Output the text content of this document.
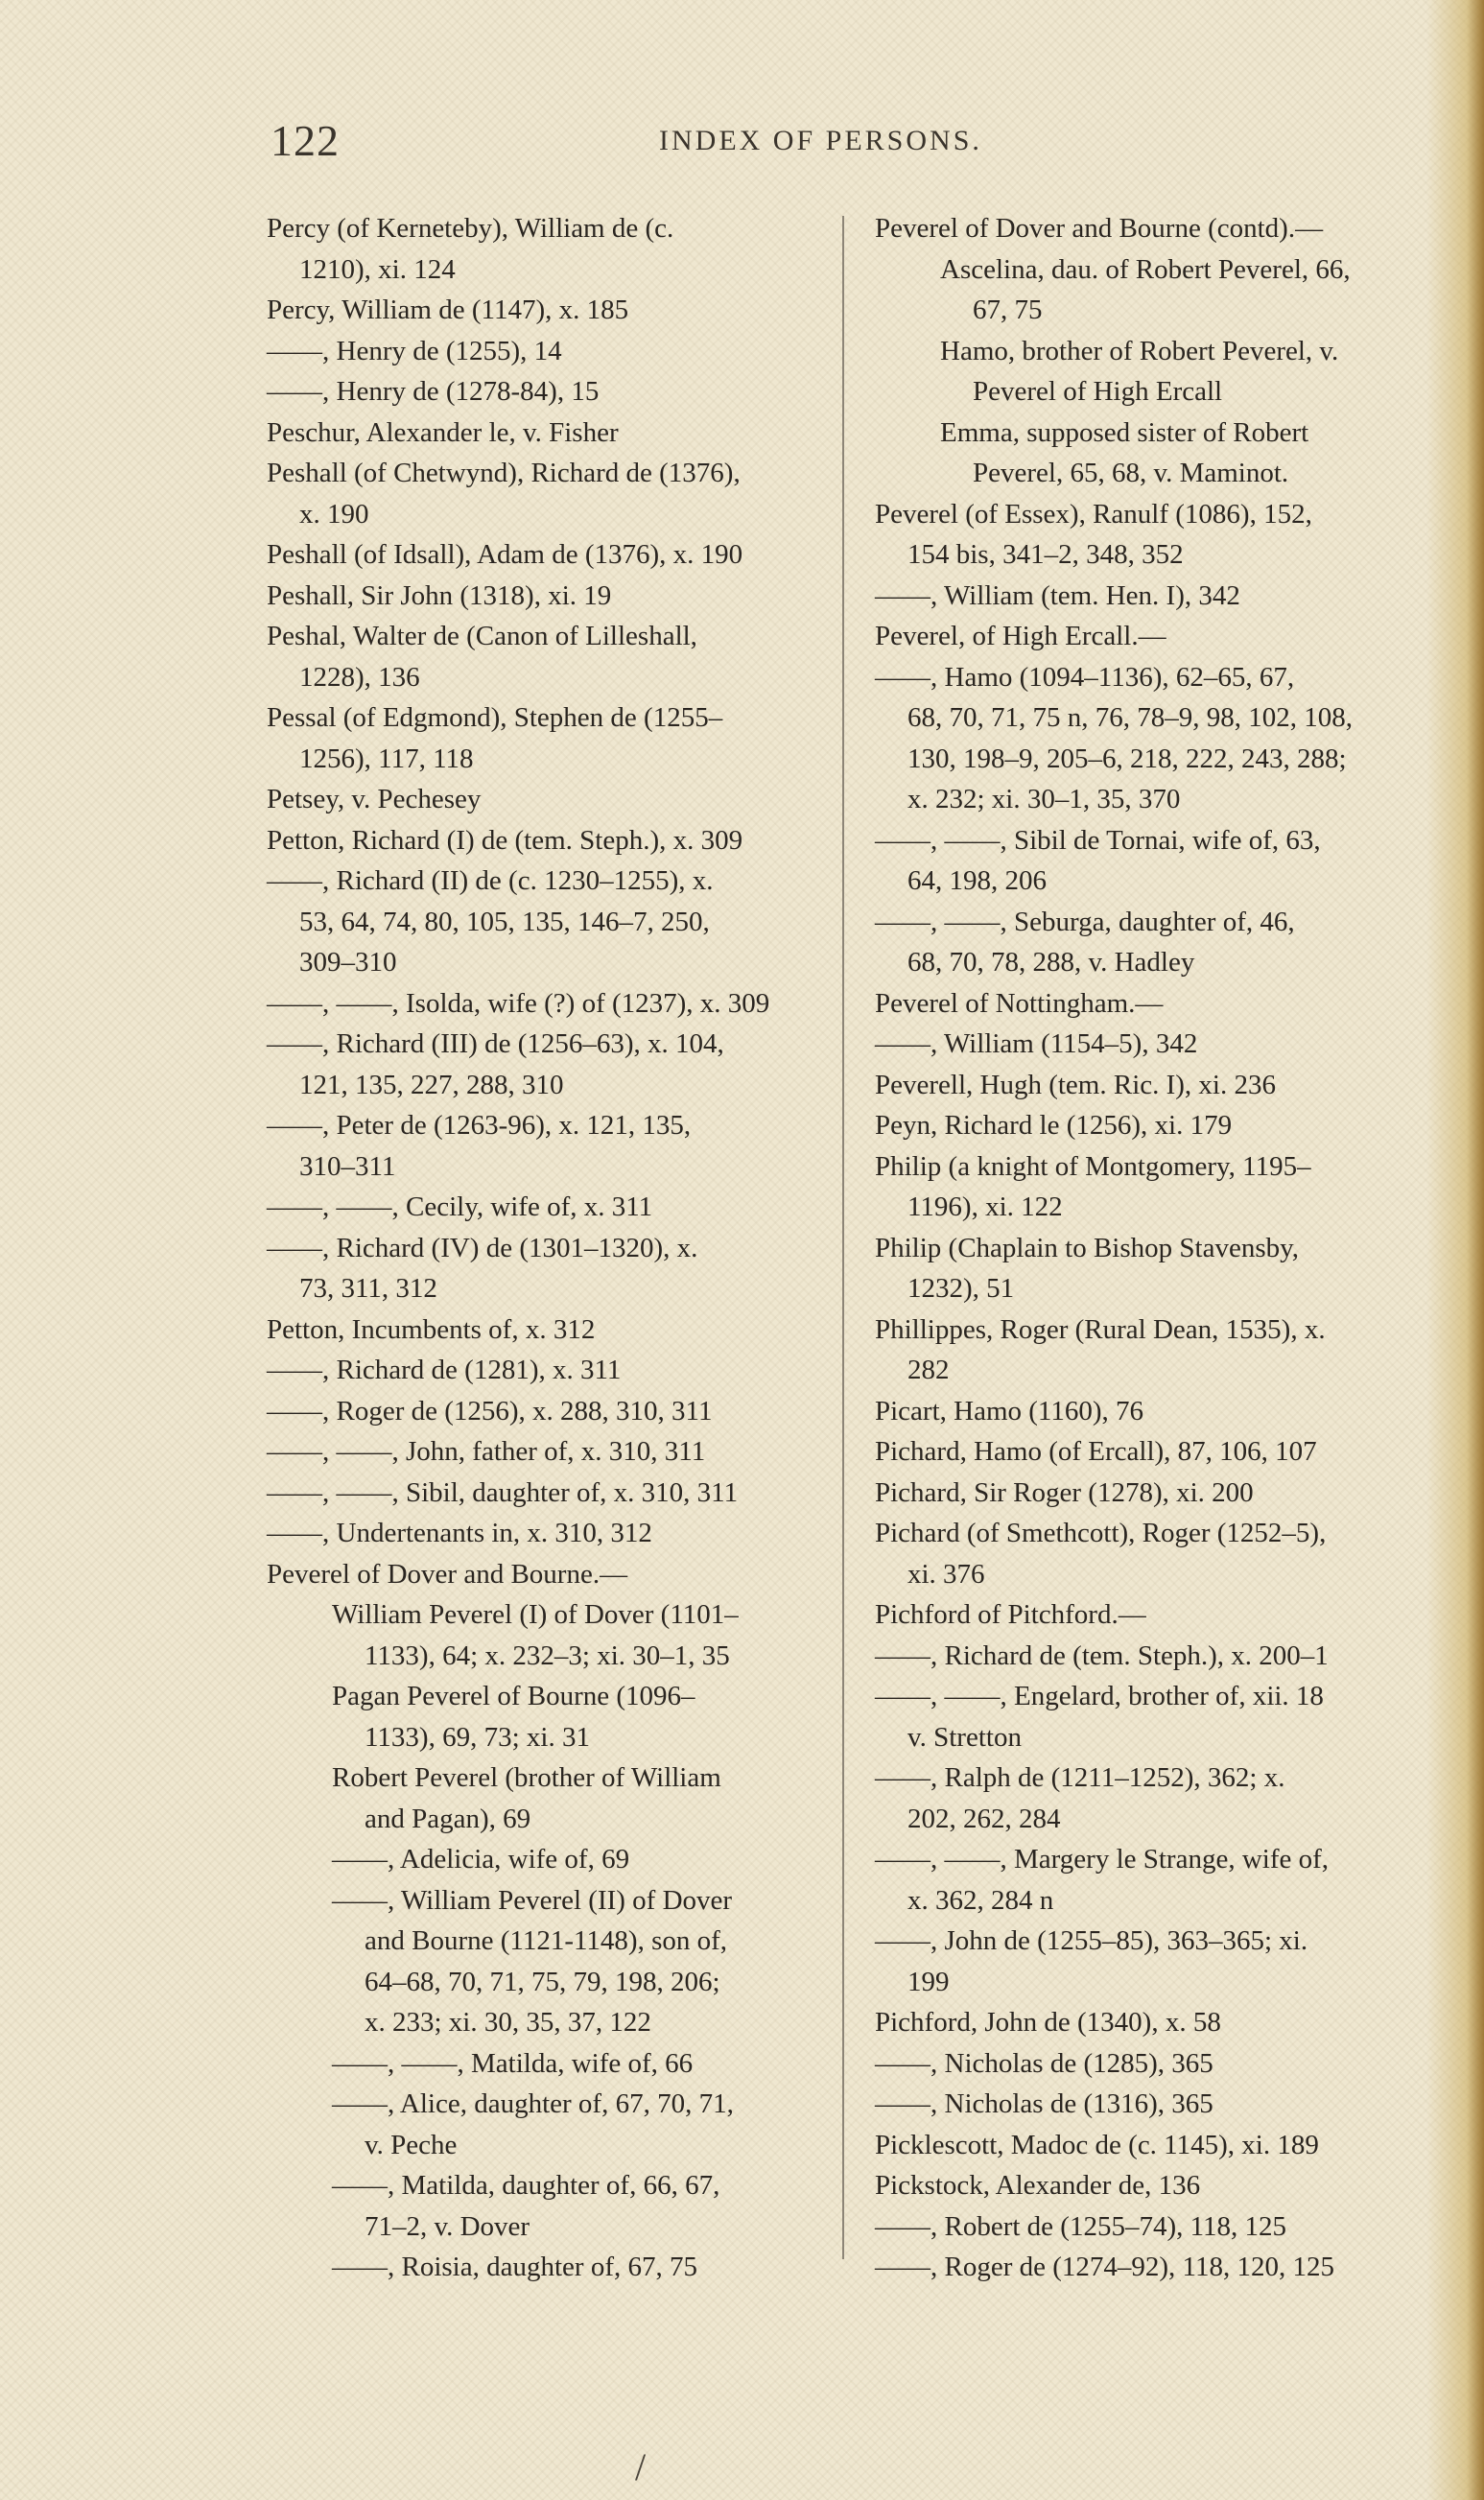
122	INDEX OF PERSONS.
Percy (of Kerneteby), William de (c.
1210), xi. 124
Percy, William de (1147), x. 185
——, Henry de (1255), 14
——, Henry de (1278-84), 15
Peschur, Alexander le, v. Fisher
Peshall (of Chetwynd), Richard de (1376),
x. 190
Peshall (of Idsall), Adam de (1376), x. 190
Peshall, Sir John (1318), xi. 19
Peshal, Walter de (Canon of Lilleshall,
1228), 136
Pessal (of Edgmond), Stephen de (1255–
1256), 117, 118
Petsey, v. Pechesey
Petton, Richard (I) de (tem. Steph.), x. 309
——, Richard (II) de (c. 1230–1255), x.
53, 64, 74, 80, 105, 135, 146–7, 250,
309–310
——, ——, Isolda, wife (?) of (1237), x. 309
——, Richard (III) de (1256–63), x. 104,
121, 135, 227, 288, 310
——, Peter de (1263-96), x. 121, 135,
310–311
——, ——, Cecily, wife of, x. 311
——, Richard (IV) de (1301–1320), x.
73, 311, 312
Petton, Incumbents of, x. 312
——, Richard de (1281), x. 311
——, Roger de (1256), x. 288, 310, 311
——, ——, John, father of, x. 310, 311
——, ——, Sibil, daughter of, x. 310, 311
——, Undertenants in, x. 310, 312
Peverel of Dover and Bourne.—
William Peverel (I) of Dover (1101–
1133), 64; x. 232–3; xi. 30–1, 35
Pagan Peverel of Bourne (1096–
1133), 69, 73; xi. 31
Robert Peverel (brother of William
and Pagan), 69
——, Adelicia, wife of, 69
——, William Peverel (II) of Dover
and Bourne (1121-1148), son of,
64–68, 70, 71, 75, 79, 198, 206;
x. 233; xi. 30, 35, 37, 122
——, ——, Matilda, wife of, 66
——, Alice, daughter of, 67, 70, 71,
v. Peche
——, Matilda, daughter of, 66, 67,
71–2, v. Dover
——, Roisia, daughter of, 67, 75
Peverel of Dover and Bourne (contd).—
Ascelina, dau. of Robert Peverel, 66,
67, 75
Hamo, brother of Robert Peverel, v.
Peverel of High Ercall
Emma, supposed sister of Robert
Peverel, 65, 68, v. Maminot.
Peverel (of Essex), Ranulf (1086), 152,
154 bis, 341–2, 348, 352
——, William (tem. Hen. I), 342
Peverel, of High Ercall.—
——, Hamo (1094–1136), 62–65, 67,
68, 70, 71, 75 n, 76, 78–9, 98, 102, 108,
130, 198–9, 205–6, 218, 222, 243, 288;
x. 232; xi. 30–1, 35, 370
——, ——, Sibil de Tornai, wife of, 63,
64, 198, 206
——, ——, Seburga, daughter of, 46,
68, 70, 78, 288, v. Hadley
Peverel of Nottingham.—
——, William (1154–5), 342
Peverell, Hugh (tem. Ric. I), xi. 236
Peyn, Richard le (1256), xi. 179
Philip (a knight of Montgomery, 1195–
1196), xi. 122
Philip (Chaplain to Bishop Stavensby,
1232), 51
Phillippes, Roger (Rural Dean, 1535), x.
282
Picart, Hamo (1160), 76
Pichard, Hamo (of Ercall), 87, 106, 107
Pichard, Sir Roger (1278), xi. 200
Pichard (of Smethcott), Roger (1252–5),
xi. 376
Pichford of Pitchford.—
——, Richard de (tem. Steph.), x. 200–1
——, ——, Engelard, brother of, xii. 18
v. Stretton
——, Ralph de (1211–1252), 362; x.
202, 262, 284
——, ——, Margery le Strange, wife of,
x. 362, 284 n
——, John de (1255–85), 363–365; xi.
199
Pichford, John de (1340), x. 58
——, Nicholas de (1285), 365
——, Nicholas de (1316), 365
Picklescott, Madoc de (c. 1145), xi. 189
Pickstock, Alexander de, 136
——, Robert de (1255–74), 118, 125
——, Roger de (1274–92), 118, 120, 125
/
